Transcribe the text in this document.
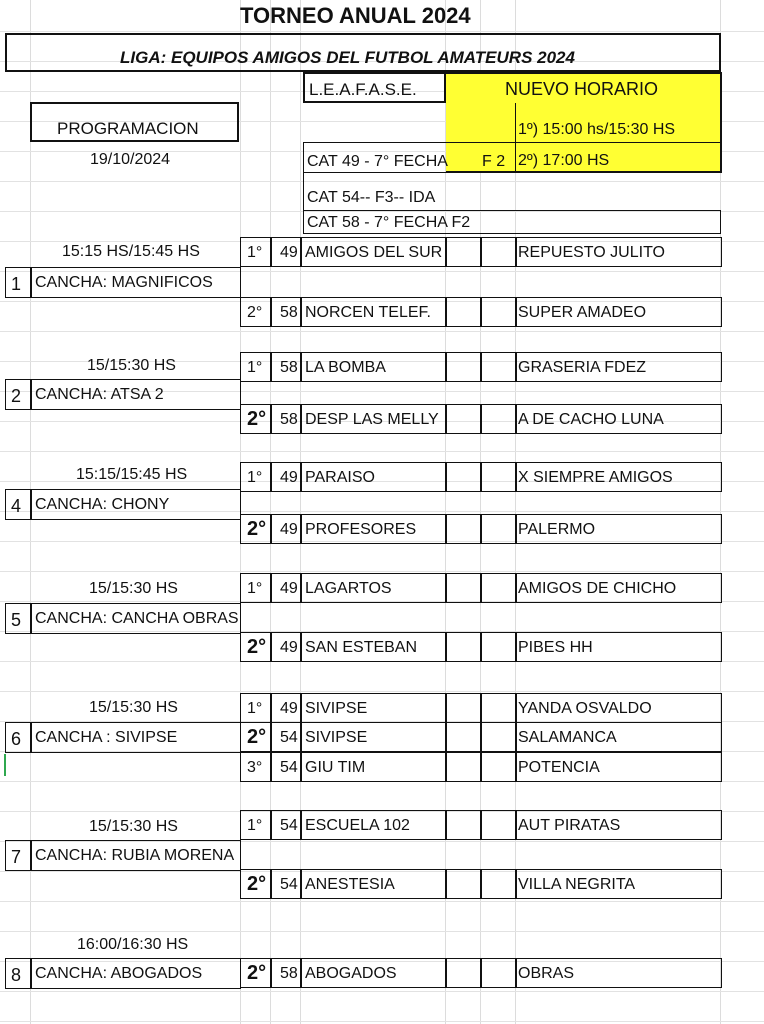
TORNEO ANUAL 2024
LIGA: EQUIPOS AMIGOS DEL FUTBOL AMATEURS 2024
L.E.A.F.A.S.E.	NUEVO HORARIO
1º) 15:00 hs/15:30 HS
2º) 17:00 HS
PROGRAMACION
19/10/2024	CAT 49 - 7° FECHA F 2
CAT 54-- F3-- IDA
CAT 58 - 7° FECHA F2
15:15 HS/15:45 HS
1 CANCHA: MAGNIFICOS
1° 49 AMIGOS DEL SUR	REPUESTO JULITO
2° 58 NORCEN TELEF.	SUPER AMADEO
15/15:30 HS
2 CANCHA: ATSA 2
1° 58 LA BOMBA	GRASERIA FDEZ
2° 58 DESP LAS MELLY	A DE CACHO LUNA
15:15/15:45 HS
4 CANCHA: CHONY
1° 49 PARAISO	X SIEMPRE AMIGOS
2° 49 PROFESORES	PALERMO
15/15:30 HS
5 CANCHA: CANCHA OBRAS
1° 49 LAGARTOS	AMIGOS DE CHICHO
2° 49 SAN ESTEBAN	PIBES HH
15/15:30 HS
6 CANCHA : SIVIPSE
1° 49 SIVIPSE	YANDA OSVALDO
2° 54 SIVIPSE	SALAMANCA
3° 54 GIU TIM	POTENCIA
15/15:30 HS
7 CANCHA: RUBIA MORENA
1° 54 ESCUELA 102	AUT PIRATAS
2° 54 ANESTESIA	VILLA NEGRITA
16:00/16:30 HS
8 CANCHA: ABOGADOS 2° 58 ABOGADOS	OBRAS
